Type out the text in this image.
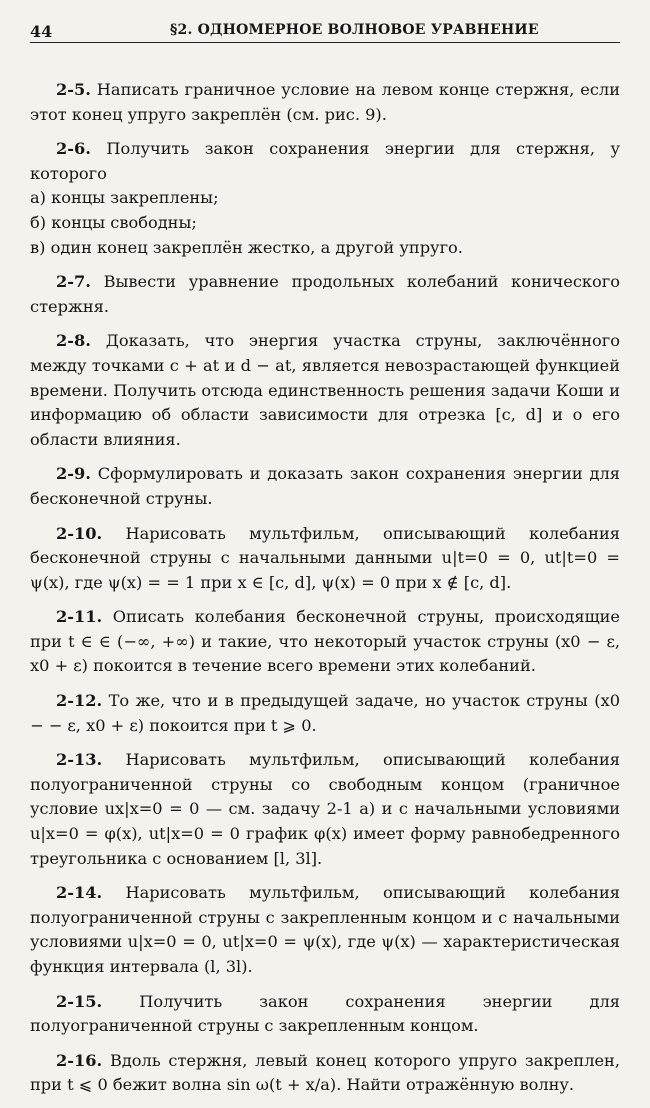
44	§2. ОДНОМЕРНОЕ ВОЛНОВОЕ УРАВНЕНИЕ

2-5. Написать граничное условие на левом конце стержня, если этот конец упруго закреплён (см. рис. 9).

2-6. Получить закон сохранения энергии для стержня, у которого

а) концы закреплены;
б) концы свободны;
в) один конец закреплён жестко, а другой упруго.

2-7. Вывести уравнение продольных колебаний конического стержня.

2-8. Доказать, что энергия участка струны, заключённого между точками c + at и d − at, является невозрастающей функцией времени. Получить отсюда единственность решения задачи Коши и информацию об области зависимости для отрезка [c, d] и о его области влияния.

2-9. Сформулировать и доказать закон сохранения энергии для бесконечной струны.

2-10. Нарисовать мультфильм, описывающий колебания бесконечной струны с начальными данными u|t=0 = 0, ut|t=0 = ψ(x), где ψ(x) = = 1 при x ∈ [c, d], ψ(x) = 0 при x ∉ [c, d].

2-11. Описать колебания бесконечной струны, происходящие при t ∈ ∈ (−∞, +∞) и такие, что некоторый участок струны (x0 − ε, x0 + ε) покоится в течение всего времени этих колебаний.

2-12. То же, что и в предыдущей задаче, но участок струны (x0 − − ε, x0 + ε) покоится при t ⩾ 0.

2-13. Нарисовать мультфильм, описывающий колебания полуограниченной струны со свободным концом (граничное условие ux|x=0 = 0 — см. задачу 2-1 а) и с начальными условиями u|x=0 = φ(x), ut|x=0 = 0 график φ(x) имеет форму равнобедренного треугольника с основанием [l, 3l].

2-14. Нарисовать мультфильм, описывающий колебания полуограниченной струны с закрепленным концом и с начальными условиями u|x=0 = 0, ut|x=0 = ψ(x), где ψ(x) — характеристическая функция интервала (l, 3l).

2-15. Получить закон сохранения энергии для полуограниченной струны с закрепленным концом.

2-16. Вдоль стержня, левый конец которого упруго закреплен, при t ⩽ 0 бежит волна sin ω(t + x/a). Найти отражённую волну.
